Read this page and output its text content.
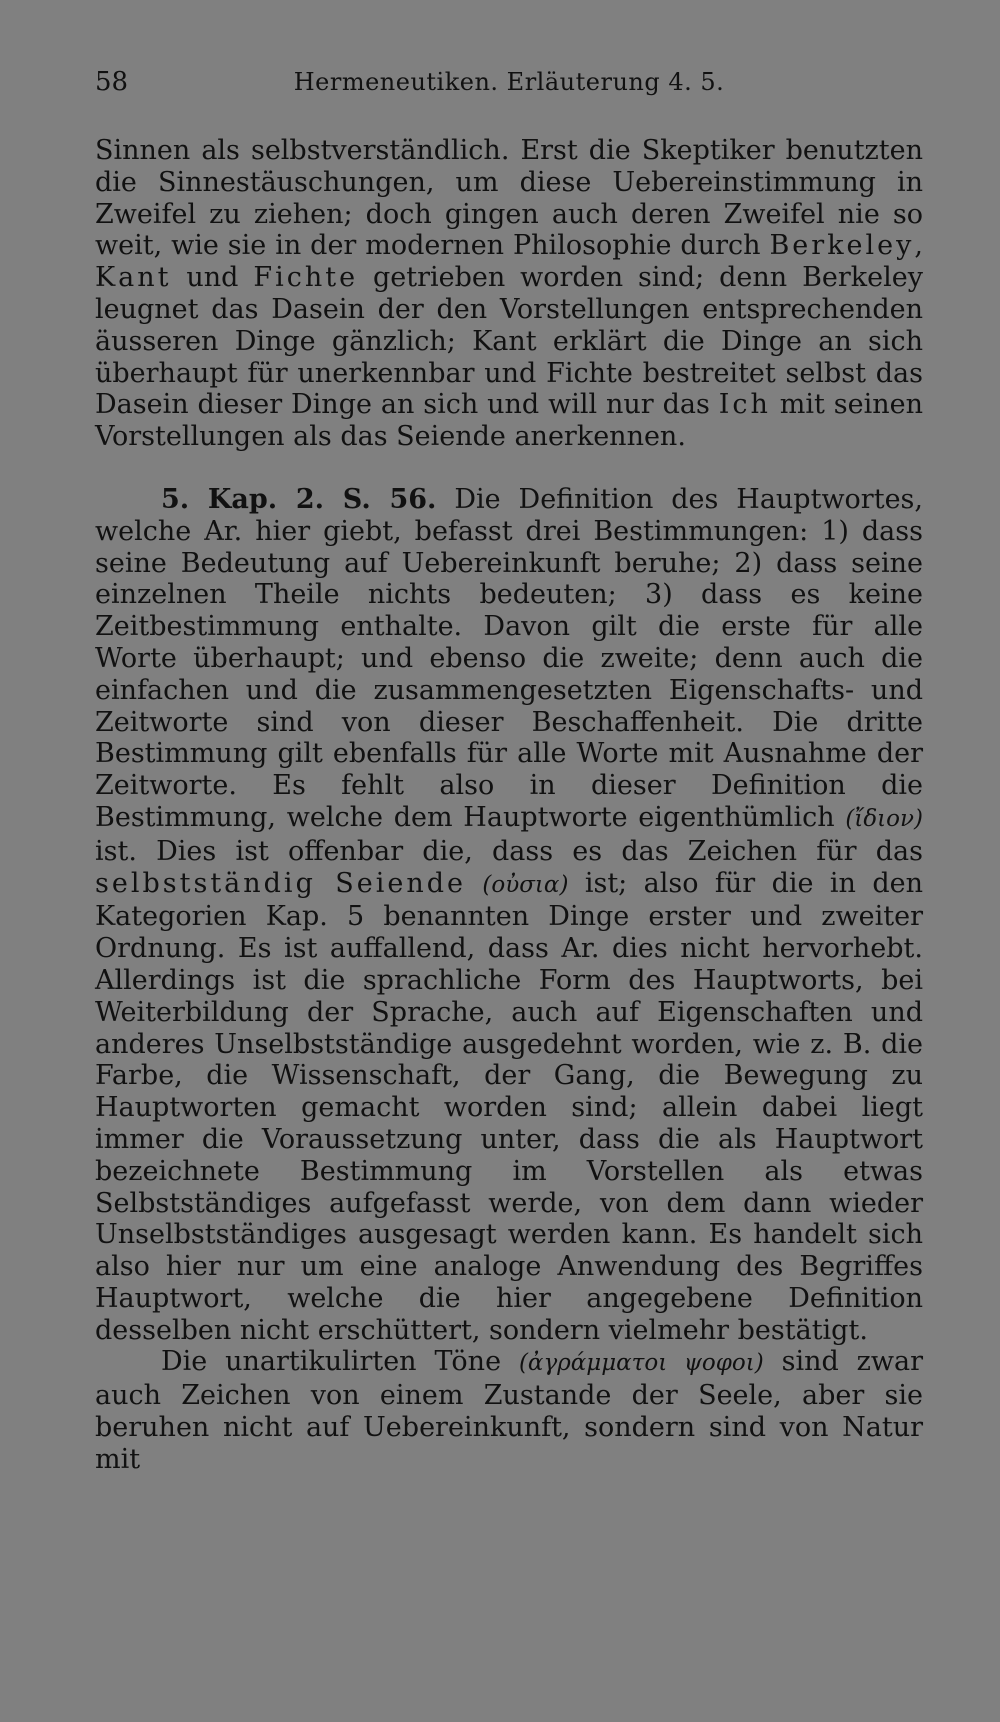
58	Hermeneutiken. Erläuterung 4. 5.

Sinnen als selbstverständlich. Erst die Skeptiker benutzten die Sinnestäuschungen, um diese Uebereinstimmung in Zweifel zu ziehen; doch gingen auch deren Zweifel nie so weit, wie sie in der modernen Philosophie durch Berkeley, Kant und Fichte getrieben worden sind; denn Berkeley leugnet das Dasein der den Vorstellungen entsprechenden äusseren Dinge gänzlich; Kant erklärt die Dinge an sich überhaupt für unerkennbar und Fichte bestreitet selbst das Dasein dieser Dinge an sich und will nur das Ich mit seinen Vorstellungen als das Seiende anerkennen.

5. Kap. 2. S. 56. Die Definition des Hauptwortes, welche Ar. hier giebt, befasst drei Bestimmungen: 1) dass seine Bedeutung auf Uebereinkunft beruhe; 2) dass seine einzelnen Theile nichts bedeuten; 3) dass es keine Zeitbestimmung enthalte. Davon gilt die erste für alle Worte überhaupt; und ebenso die zweite; denn auch die einfachen und die zusammengesetzten Eigenschafts- und Zeitworte sind von dieser Beschaffenheit. Die dritte Bestimmung gilt ebenfalls für alle Worte mit Ausnahme der Zeitworte. Es fehlt also in dieser Definition die Bestimmung, welche dem Hauptworte eigenthümlich (ἴδιον) ist. Dies ist offenbar die, dass es das Zeichen für das selbstständig Seiende (οὐσια) ist; also für die in den Kategorien Kap. 5 benannten Dinge erster und zweiter Ordnung. Es ist auffallend, dass Ar. dies nicht hervorhebt. Allerdings ist die sprachliche Form des Hauptworts, bei Weiterbildung der Sprache, auch auf Eigenschaften und anderes Unselbstständige ausgedehnt worden, wie z. B. die Farbe, die Wissenschaft, der Gang, die Bewegung zu Hauptworten gemacht worden sind; allein dabei liegt immer die Voraussetzung unter, dass die als Hauptwort bezeichnete Bestimmung im Vorstellen als etwas Selbstständiges aufgefasst werde, von dem dann wieder Unselbstständiges ausgesagt werden kann. Es handelt sich also hier nur um eine analoge Anwendung des Begriffes Hauptwort, welche die hier angegebene Definition desselben nicht erschüttert, sondern vielmehr bestätigt.

Die unartikulirten Töne (ἀγράμματοι ψοφοι) sind zwar auch Zeichen von einem Zustande der Seele, aber sie beruhen nicht auf Uebereinkunft, sondern sind von Natur mit
